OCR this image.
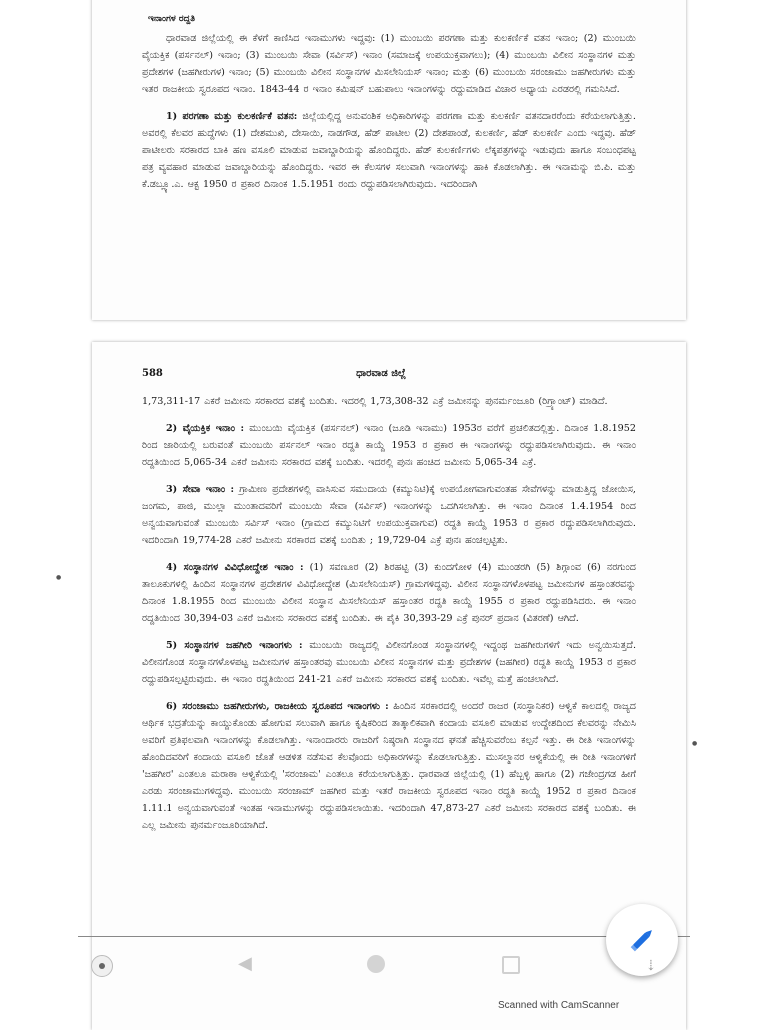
ಇನಾಂಗಳ ರದ್ದತಿ

ಧಾರವಾಡ ಜಿಲ್ಲೆಯಲ್ಲಿ ಈ ಕೆಳಗೆ ಕಾಣಿಸಿದ ಇನಾಮುಗಳು ಇದ್ದವು: (1) ಮುಂಬಯಿ ಪರಗಣಾ ಮತ್ತು ಕುಲಕರ್ಣಿಕೆ ವತನ ಇನಾಂ; (2) ಮುಂಬಯಿ ವೈಯಕ್ತಿಕ (ಪರ್ಸನಲ್) ಇನಾಂ; (3) ಮುಂಬಯಿ ಸೇವಾ (ಸರ್ವಿಸ್) ಇನಾಂ (ಸಮಾಜಕ್ಕೆ ಉಪಯುಕ್ತವಾಗಲು); (4) ಮುಂಬಯಿ ವಿಲೀನ ಸಂಸ್ಥಾನಗಳ ಮತ್ತು ಪ್ರದೇಶಗಳ (ಜಹಗೀರುಗಳ) ಇನಾಂ; (5) ಮುಂಬಯಿ ವಿಲೀನ ಸಂಸ್ಥಾನಗಳ ಮಿಸಲೇನಿಯಸ್ ಇನಾಂ; ಮತ್ತು (6) ಮುಂಬಯಿ ಸರಂಜಾಮು ಜಹಗೀರುಗಳು ಮತ್ತು ಇತರ ರಾಜಕೀಯ ಸ್ವರೂಪದ ಇನಾಂ. 1843-44 ರ ಇನಾಂ ಕಮಿಷನ್ ಬಹುಪಾಲು ಇನಾಂಗಳನ್ನು ರದ್ದುಮಾಡಿದ ವಿಚಾರ ಅಧ್ಯಾಯ ಎರಡರಲ್ಲಿ ಗಮನಿಸಿದೆ.

1) ಪರಗಣಾ ಮತ್ತು ಕುಲಕರ್ಣಿಕೆ ವತನ: ಜಿಲ್ಲೆಯಲ್ಲಿದ್ದ ಅನುವಂಶಿಕ ಅಧಿಕಾರಿಗಳನ್ನು ಪರಗಣಾ ಮತ್ತು ಕುಲಕರ್ಣಿ ವತನದಾರರೆಂದು ಕರೆಯಲಾಗುತ್ತಿತ್ತು. ಅವರಲ್ಲಿ ಕೆಲವರ ಹುದ್ದೆಗಳು (1) ದೇಶಮುಖಿ, ದೇಸಾಯಿ, ನಾಡಗೌಡ, ಹೆಡ್ ಪಾಟೀಲ (2) ದೇಶಪಾಂಡೆ, ಕುಲಕರ್ಣಿ, ಹೆಡ್ ಕುಲಕರ್ಣಿ ಎಂದು ಇದ್ದವು. ಹೆಡ್ ಪಾಟೀಲರು ಸರಕಾರದ ಬಾಕಿ ಹಣ ವಸೂಲಿ ಮಾಡುವ ಜವಾಬ್ದಾರಿಯನ್ನು ಹೊಂದಿದ್ದರು. ಹೆಡ್ ಕುಲಕರ್ಣಿಗಳು ಲೆಕ್ಕಪತ್ರಗಳನ್ನು ಇಡುವುದು ಹಾಗೂ ಸಂಬಂಧಪಟ್ಟ ಪತ್ರ ವ್ಯವಹಾರ ಮಾಡುವ ಜವಾಬ್ದಾರಿಯನ್ನು ಹೊಂದಿದ್ದರು. ಇವರ ಈ ಕೆಲಸಗಳ ಸಲುವಾಗಿ ಇನಾಂಗಳನ್ನು ಹಾಕಿ ಕೊಡಲಾಗಿತ್ತು. ಈ ಇನಾಮನ್ನು ಬಿ.ಪಿ. ಮತ್ತು ಕೆ.ಡಬ್ಲ್ಯೂ.ಎ. ಆಕ್ಟ 1950 ರ ಪ್ರಕಾರ ದಿನಾಂಕ 1.5.1951 ರಂದು ರದ್ದುಪಡಿಸಲಾಗಿರುವುದು. ಇದರಿಂದಾಗಿ

588	ಧಾರವಾಡ ಜಿಲ್ಲೆ

1,73,311-17 ಎಕರೆ ಜಮೀನು ಸರಕಾರದ ವಶಕ್ಕೆ ಬಂದಿತು. ಇದರಲ್ಲಿ 1,73,308-32 ಎಕ್ರೆ ಜಮೀನನ್ನು ಪುನರ್ಮಂಜೂರಿ (ರಿಗ್ರ್ಯಾಂಟ್) ಮಾಡಿದೆ.

2) ವೈಯಕ್ತಿಕ ಇನಾಂ : ಮುಂಬಯಿ ವೈಯಕ್ತಿಕ (ಪರ್ಸನಲ್) ಇನಾಂ (ಜೂಡಿ ಇನಾಮು) 1953ರ ವರೆಗೆ ಪ್ರಚಲಿತದಲ್ಲಿತ್ತು. ದಿನಾಂಕ 1.8.1952 ರಿಂದ ಜಾರಿಯಲ್ಲಿ ಬರುವಂತೆ ಮುಂಬಯಿ ಪರ್ಸನಲ್ ಇನಾಂ ರದ್ದತಿ ಕಾಯ್ದೆ 1953 ರ ಪ್ರಕಾರ ಈ ಇನಾಂಗಳನ್ನು ರದ್ದುಪಡಿಸಲಾಗಿರುವುದು. ಈ ಇನಾಂ ರದ್ದತಿಯಿಂದ 5,065-34 ಎಕರೆ ಜಮೀನು ಸರಕಾರದ ವಶಕ್ಕೆ ಬಂದಿತು. ಇದರಲ್ಲಿ ಪುನಃ ಹಂಚಿದ ಜಮೀನು 5,065-34 ಎಕ್ರೆ.

3) ಸೇವಾ ಇನಾಂ : ಗ್ರಾಮೀಣ ಪ್ರದೇಶಗಳಲ್ಲಿ ವಾಸಿಸುವ ಸಮುದಾಯ (ಕಮ್ಯುನಿಟಿ)ಕ್ಕೆ ಉಪಯೋಗವಾಗುವಂತಹ ಸೇವೆಗಳನ್ನು ಮಾಡುತ್ತಿದ್ದ ಜೋಯಿಸ, ಜಂಗಮ, ಪಾಜಿ, ಮುಲ್ಲಾ ಮುಂತಾದವರಿಗೆ ಮುಂಬಯಿ ಸೇವಾ (ಸರ್ವಿಸ್) ಇನಾಂಗಳನ್ನು ಒದಗಿಸಲಾಗಿತ್ತು. ಈ ಇನಾಂ ದಿನಾಂಕ 1.4.1954 ರಿಂದ ಅನ್ವಯವಾಗುವಂತೆ ಮುಂಬಯಿ ಸರ್ವಿಸ್ ಇನಾಂ (ಗ್ರಾಮದ ಕಮ್ಯುನಿಟಿಗೆ ಉಪಯುಕ್ತವಾಗುವ) ರದ್ದತಿ ಕಾಯ್ದೆ 1953 ರ ಪ್ರಕಾರ ರದ್ದುಪಡಿಸಲಾಗಿರುವುದು. ಇದರಿಂದಾಗಿ 19,774-28 ಎಕರೆ ಜಮೀನು ಸರಕಾರದ ವಶಕ್ಕೆ ಬಂದಿತು ; 19,729-04 ಎಕ್ರೆ ಪುನಃ ಹಂಚಲ್ಪಟ್ಟಿತು.

4) ಸಂಸ್ಥಾನಗಳ ವಿವಿಧೋದ್ದೇಶ ಇನಾಂ : (1) ಸವಣೂರ (2) ಶಿರಹಟ್ಟಿ (3) ಕುಂದಗೋಳ (4) ಮುಂಡರಗಿ (5) ಶಿಗ್ಗಾಂವ (6) ನರಗುಂದ ತಾಲೂಕುಗಳಲ್ಲಿ ಹಿಂದಿನ ಸಂಸ್ಥಾನಗಳ ಪ್ರದೇಶಗಳ ವಿವಿಧೋದ್ದೇಶ (ಮಿಸಲೇನಿಯಸ್) ಗ್ರಾಮಗಳಿದ್ದವು. ವಿಲೀನ ಸಂಸ್ಥಾನಗಳೊಳಪಟ್ಟ ಜಮೀನುಗಳ ಹಸ್ತಾಂತರವನ್ನು ದಿನಾಂಕ 1.8.1955 ರಿಂದ ಮುಂಬಯಿ ವಿಲೀನ ಸಂಸ್ಥಾನ ಮಿಸಲೇನಿಯಸ್ ಹಸ್ತಾಂತರ ರದ್ದತಿ ಕಾಯ್ದೆ 1955 ರ ಪ್ರಕಾರ ರದ್ದುಪಡಿಸಿದರು. ಈ ಇನಾಂ ರದ್ದತಿಯಿಂದ 30,394-03 ಎಕರೆ ಜಮೀನು ಸರಕಾರದ ವಶಕ್ಕೆ ಬಂದಿತು. ಈ ಪೈಕಿ 30,393-29 ಎಕ್ರೆ ಪುನರ್ ಪ್ರದಾನ (ವಿತರಣೆ) ಆಗಿದೆ.

5) ಸಂಸ್ಥಾನಗಳ ಜಹಗೀರಿ ಇನಾಂಗಳು : ಮುಂಬಯಿ ರಾಜ್ಯದಲ್ಲಿ ವಿಲೀನಗೊಂಡ ಸಂಸ್ಥಾನಗಳಲ್ಲಿ ಇದ್ದಂಥ ಜಹಗೀರುಗಳಿಗೆ ಇದು ಅನ್ವಯಿಸುತ್ತದೆ. ವಿಲೀನಗೊಂಡ ಸಂಸ್ಥಾನಗಳೊಳಪಟ್ಟ ಜಮೀನುಗಳ ಹಸ್ತಾಂತರವು ಮುಂಬಯಿ ವಿಲೀನ ಸಂಸ್ಥಾನಗಳ ಮತ್ತು ಪ್ರದೇಶಗಳ (ಜಹಗೀರ) ರದ್ದತಿ ಕಾಯ್ದೆ 1953 ರ ಪ್ರಕಾರ ರದ್ದುಪಡಿಸಲ್ಪಟ್ಟಿರುವುದು. ಈ ಇನಾಂ ರದ್ದತಿಯಿಂದ 241-21 ಎಕರೆ ಜಮೀನು ಸರಕಾರದ ವಶಕ್ಕೆ ಬಂದಿತು. ಇವೆಲ್ಲ ಮತ್ತೆ ಹಂಚಲಾಗಿದೆ.

6) ಸರಂಜಾಮು ಜಹಗೀರುಗಳು, ರಾಜಕೀಯ ಸ್ವರೂಪದ ಇನಾಂಗಳು : ಹಿಂದಿನ ಸರಕಾರದಲ್ಲಿ ಅಂದರೆ ರಾಜರ (ಸಂಸ್ಥಾನಿಕರ) ಆಳ್ವಿಕೆ ಕಾಲದಲ್ಲಿ ರಾಜ್ಯದ ಆರ್ಥಿಕ ಭದ್ರತೆಯನ್ನು ಕಾಯ್ದುಕೊಂಡು ಹೋಗುವ ಸಲುವಾಗಿ ಹಾಗೂ ಕೃಷಿಕರಿಂದ ತಾತ್ಕಾಲಿಕವಾಗಿ ಕಂದಾಯ ವಸೂಲಿ ಮಾಡುವ ಉದ್ದೇಶದಿಂದ ಕೆಲವರನ್ನು ನೇಮಿಸಿ ಅವರಿಗೆ ಪ್ರತಿಫಲವಾಗಿ ಇನಾಂಗಳನ್ನು ಕೊಡಲಾಗಿತ್ತು. ಇನಾಂದಾರರು ರಾಜರಿಗೆ ನಿಷ್ಠರಾಗಿ ಸಂಸ್ಥಾನದ ಘನತೆ ಹೆಚ್ಚಿಸುವರೆಂಬ ಕಲ್ಪನೆ ಇತ್ತು. ಈ ರೀತಿ ಇನಾಂಗಳನ್ನು ಹೊಂದಿದವರಿಗೆ ಕಂದಾಯ ವಸೂಲಿ ಜೊತೆ ಆಡಳಿತ ನಡೆಸುವ ಕೆಲವೊಂದು ಅಧಿಕಾರಗಳನ್ನು ಕೊಡಲಾಗುತ್ತಿತ್ತು. ಮುಸಲ್ಮಾನರ ಆಳ್ವಿಕೆಯಲ್ಲಿ ಈ ರೀತಿ ಇನಾಂಗಳಿಗೆ 'ಜಹಗೀರ' ಎಂತಲೂ ಮರಾಠಾ ಆಳ್ವಿಕೆಯಲ್ಲಿ 'ಸರಂಜಾಮ' ಎಂತಲೂ ಕರೆಯಲಾಗುತ್ತಿತ್ತು. ಧಾರವಾಡ ಜಿಲ್ಲೆಯಲ್ಲಿ (1) ಹೆಬ್ಬಳ್ಳಿ ಹಾಗೂ (2) ಗಜೇಂದ್ರಗಡ ಹೀಗೆ ಎರಡು ಸರಂಜಾಮುಗಳಿದ್ದವು. ಮುಂಬಯಿ ಸರಂಜಾಮ್ ಜಹಗೀರ ಮತ್ತು ಇತರೆ ರಾಜಕೀಯ ಸ್ವರೂಪದ ಇನಾಂ ರದ್ದತಿ ಕಾಯ್ದೆ 1952 ರ ಪ್ರಕಾರ ದಿನಾಂಕ 1.11.1 ಅನ್ವಯವಾಗುವಂತೆ ಇಂತಹ ಇನಾಮುಗಳನ್ನು ರದ್ದುಪಡಿಸಲಾಯಿತು. ಇದರಿಂದಾಗಿ 47,873-27 ಎಕರೆ ಜಮೀನು ಸರಕಾರದ ವಶಕ್ಕೆ ಬಂದಿತು. ಈ ಎಲ್ಲ ಜಮೀನು ಪುನರ್ಮಂಜೂರಿಯಾಗಿದೆ.

●
●
◀	⇣
Scanned with CamScanner
